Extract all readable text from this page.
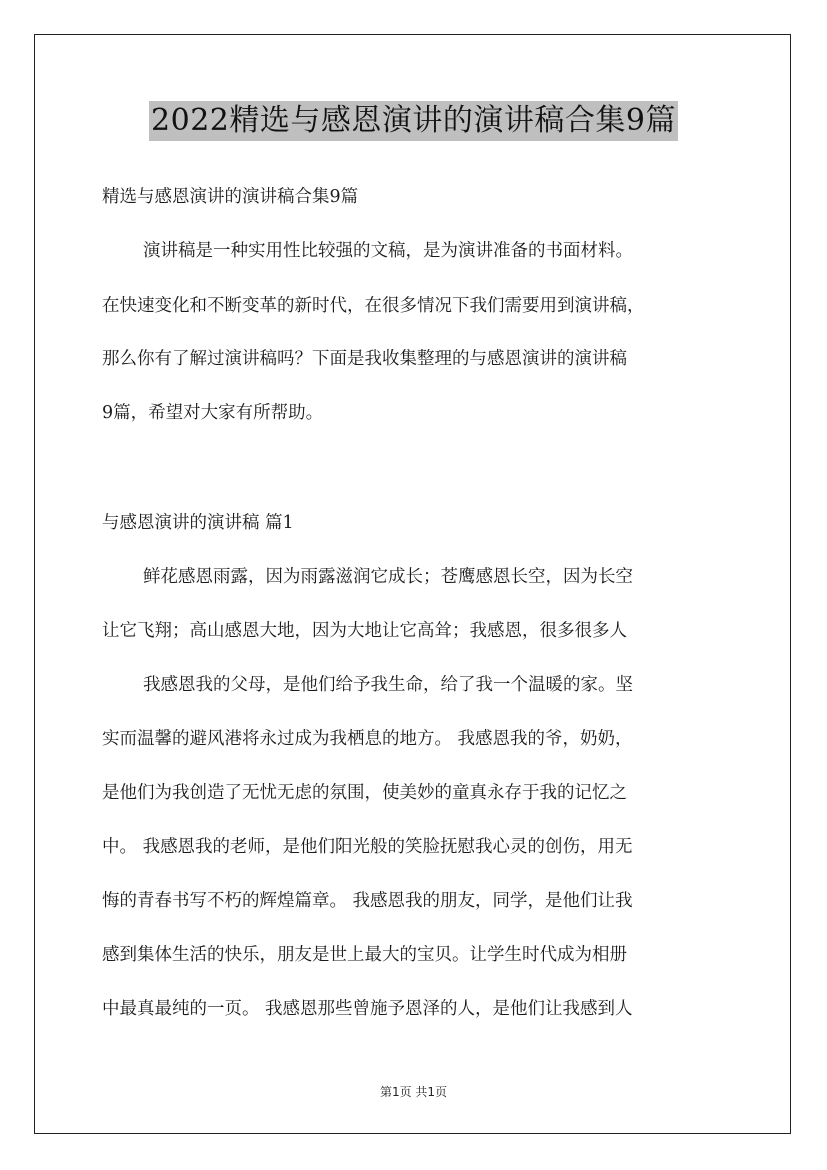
2022精选与感恩演讲的演讲稿合集9篇
精选与感恩演讲的演讲稿合集9篇
演讲稿是一种实用性比较强的文稿，是为演讲准备的书面材料。
在快速变化和不断变革的新时代，在很多情况下我们需要用到演讲稿，
那么你有了解过演讲稿吗？下面是我收集整理的与感恩演讲的演讲稿
9篇，希望对大家有所帮助。
与感恩演讲的演讲稿 篇1
鲜花感恩雨露，因为雨露滋润它成长；苍鹰感恩长空，因为长空
让它飞翔；高山感恩大地，因为大地让它高耸；我感恩，很多很多人
我感恩我的父母，是他们给予我生命，给了我一个温暖的家。坚
实而温馨的避风港将永过成为我栖息的地方。 我感恩我的爷，奶奶，
是他们为我创造了无忧无虑的氛围，使美妙的童真永存于我的记忆之
中。 我感恩我的老师，是他们阳光般的笑脸抚慰我心灵的创伤，用无
悔的青春书写不朽的辉煌篇章。 我感恩我的朋友，同学，是他们让我
感到集体生活的快乐，朋友是世上最大的宝贝。让学生时代成为相册
中最真最纯的一页。 我感恩那些曾施予恩泽的人，是他们让我感到人
第1页 共1页
